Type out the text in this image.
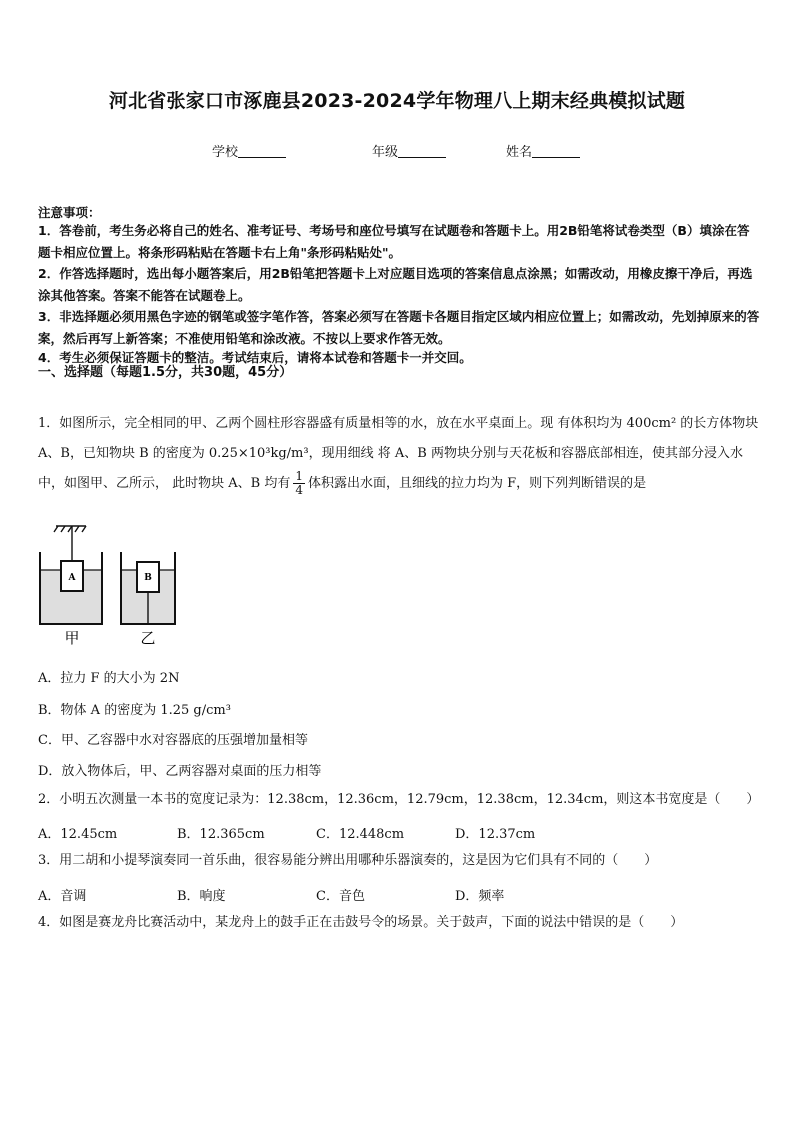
河北省张家口市涿鹿县2023-2024学年物理八上期末经典模拟试题
学校	年级	姓名
注意事项：
1．答卷前，考生务必将自己的姓名、准考证号、考场号和座位号填写在试题卷和答题卡上。用2B铅笔将试卷类型（B）填涂在答题卡相应位置上。将条形码粘贴在答题卡右上角"条形码粘贴处"。
2．作答选择题时，选出每小题答案后，用2B铅笔把答题卡上对应题目选项的答案信息点涂黑；如需改动，用橡皮擦干净后，再选涂其他答案。答案不能答在试题卷上。
3．非选择题必须用黑色字迹的钢笔或签字笔作答，答案必须写在答题卡各题目指定区域内相应位置上；如需改动，先划掉原来的答案，然后再写上新答案；不准使用铅笔和涂改液。不按以上要求作答无效。
4．考生必须保证答题卡的整洁。考试结束后，请将本试卷和答题卡一并交回。
一、选择题（每题1.5分，共30题，45分）
1．如图所示，完全相同的甲、乙两个圆柱形容器盛有质量相等的水，放在水平桌面上。现 有体积均为 400cm² 的长方体物块 A、B，已知物块 B 的密度为 0.25×10³kg/m³，现用细线 将 A、B 两物块分别与天花板和容器底部相连，使其部分浸入水中，如图甲、乙所示， 此时物块 A、B 均有 $\frac{1}{4}$ 体积露出水面，且细线的拉力均为 F，则下列判断错误的是
A	B
甲	乙
A．拉力 F 的大小为 2N
B．物体 A 的密度为 1.25 g/cm³
C．甲、乙容器中水对容器底的压强增加量相等
D．放入物体后，甲、乙两容器对桌面的压力相等
2．小明五次测量一本书的宽度记录为：12.38cm，12.36cm，12.79cm，12.38cm，12.34cm，则这本书宽度是（　　）
A．12.45cm	B．12.365cm	C．12.448cm	D．12.37cm
3．用二胡和小提琴演奏同一首乐曲，很容易能分辨出用哪种乐器演奏的，这是因为它们具有不同的（　　）
A．音调	B．响度	C．音色	D．频率
4．如图是赛龙舟比赛活动中，某龙舟上的鼓手正在击鼓号令的场景。关于鼓声，下面的说法中错误的是（　　）
